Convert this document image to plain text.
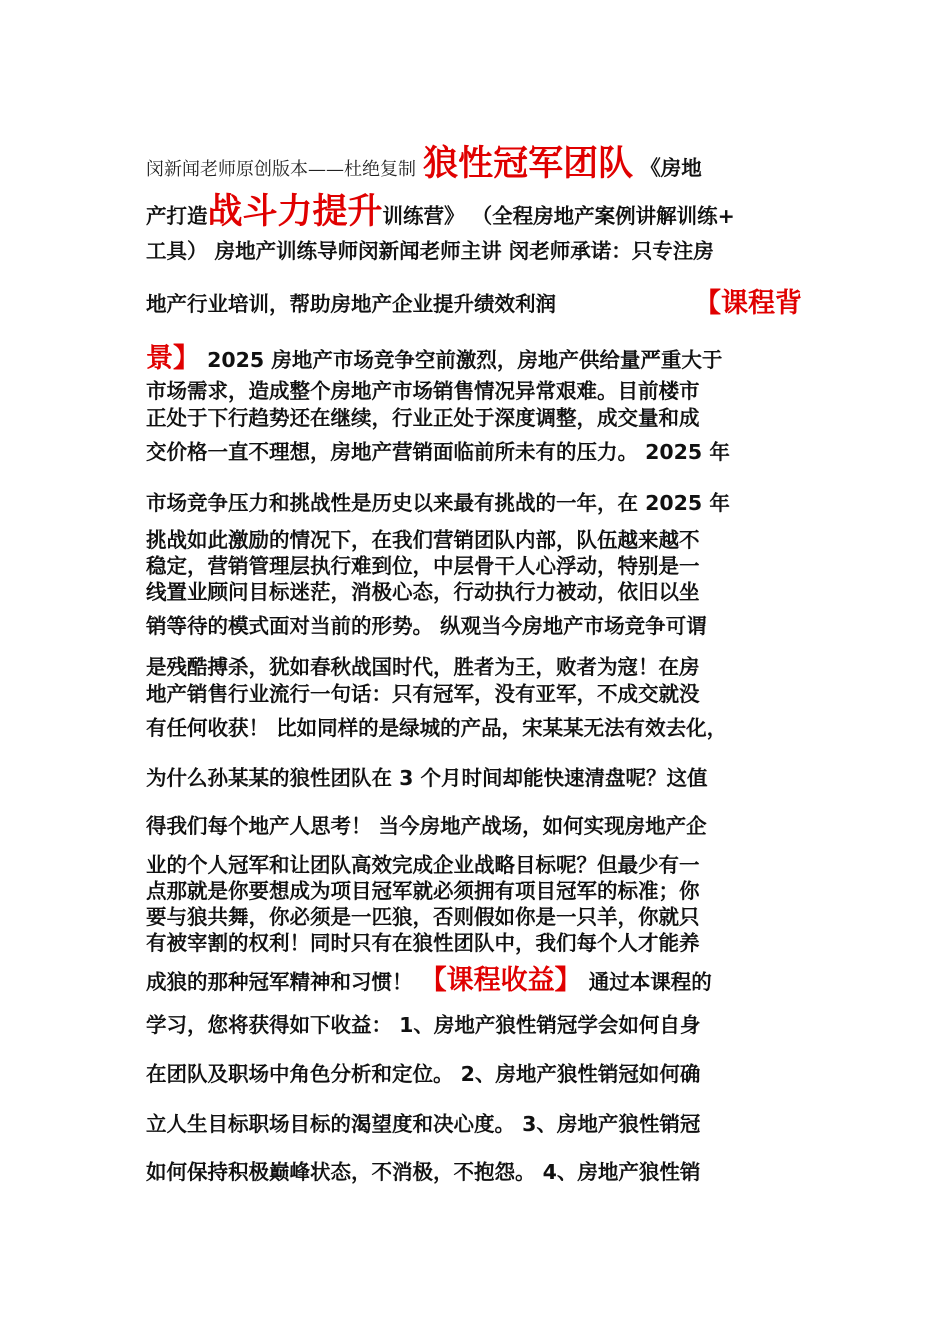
闵新闻老师原创版本——杜绝复制 狼性冠军团队 《房地
产打造战斗力提升训练营》 （全程房地产案例讲解训练+
工具） 房地产训练导师闵新闻老师主讲 闵老师承诺：只专注房
地产行业培训，帮助房地产企业提升绩效利润	【课程背
景】 2025 房地产市场竞争空前激烈，房地产供给量严重大于
市场需求，造成整个房地产市场销售情况异常艰难。目前楼市
正处于下行趋势还在继续，行业正处于深度调整，成交量和成
交价格一直不理想，房地产营销面临前所未有的压力。 2025 年
市场竞争压力和挑战性是历史以来最有挑战的一年，在 2025 年
挑战如此激励的情况下，在我们营销团队内部，队伍越来越不
稳定，营销管理层执行难到位，中层骨干人心浮动，特别是一
线置业顾问目标迷茫，消极心态，行动执行力被动，依旧以坐
销等待的模式面对当前的形势。 纵观当今房地产市场竞争可谓
是残酷搏杀，犹如春秋战国时代，胜者为王，败者为寇！在房
地产销售行业流行一句话：只有冠军，没有亚军，不成交就没
有任何收获！ 比如同样的是绿城的产品，宋某某无法有效去化，
为什么孙某某的狼性团队在 3 个月时间却能快速清盘呢？这值
得我们每个地产人思考！ 当今房地产战场，如何实现房地产企
业的个人冠军和让团队高效完成企业战略目标呢？但最少有一
点那就是你要想成为项目冠军就必须拥有项目冠军的标准；你
要与狼共舞，你必须是一匹狼，否则假如你是一只羊，你就只
有被宰割的权利！同时只有在狼性团队中，我们每个人才能养
成狼的那种冠军精神和习惯！ 【课程收益】 通过本课程的
学习，您将获得如下收益： 1、房地产狼性销冠学会如何自身
在团队及职场中角色分析和定位。 2、房地产狼性销冠如何确
立人生目标职场目标的渴望度和决心度。 3、房地产狼性销冠
如何保持积极巅峰状态，不消极，不抱怨。 4、房地产狼性销
